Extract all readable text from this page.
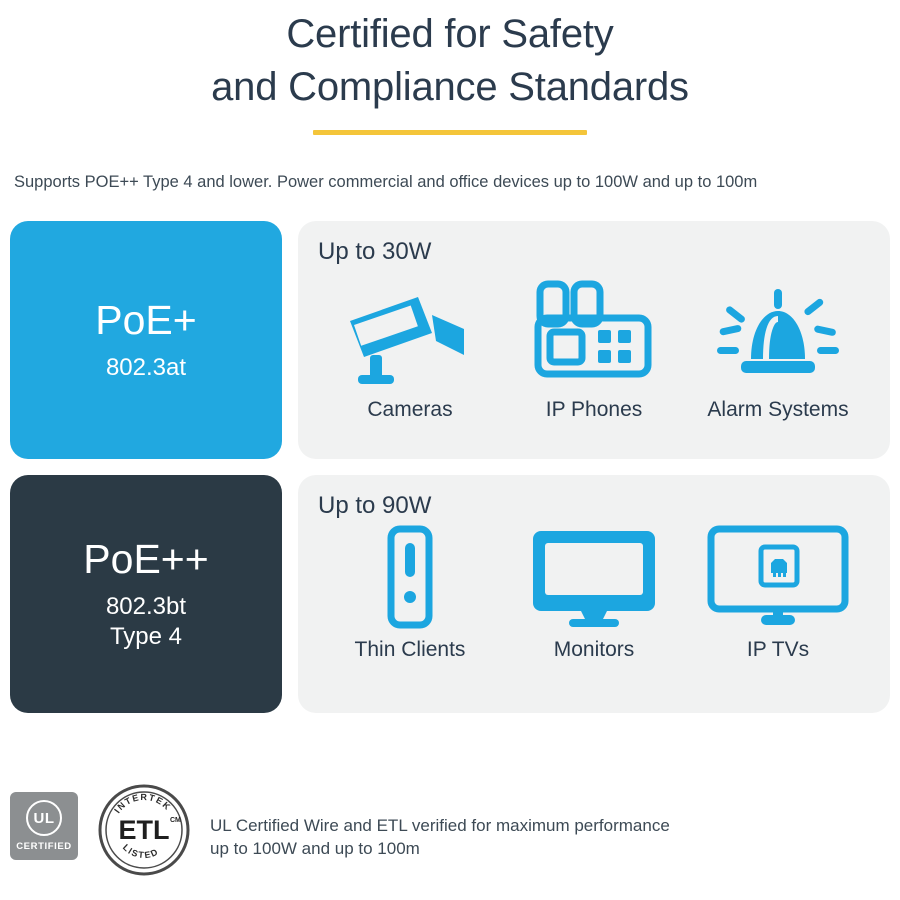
Certified for Safety
and Compliance Standards
Supports POE++ Type 4 and lower. Power commercial and office devices up to 100W and up to 100m
PoE+
802.3at
Up to 30W
Cameras	IP Phones	Alarm Systems
PoE++
802.3bt
Type 4
Up to 90W
Thin Clients	Monitors	IP TVs
UL
CERTIFIED
INTERTEK
LISTED
ETL CM UL Certified Wire and ETL verified for maximum performance
up to 100W and up to 100m
